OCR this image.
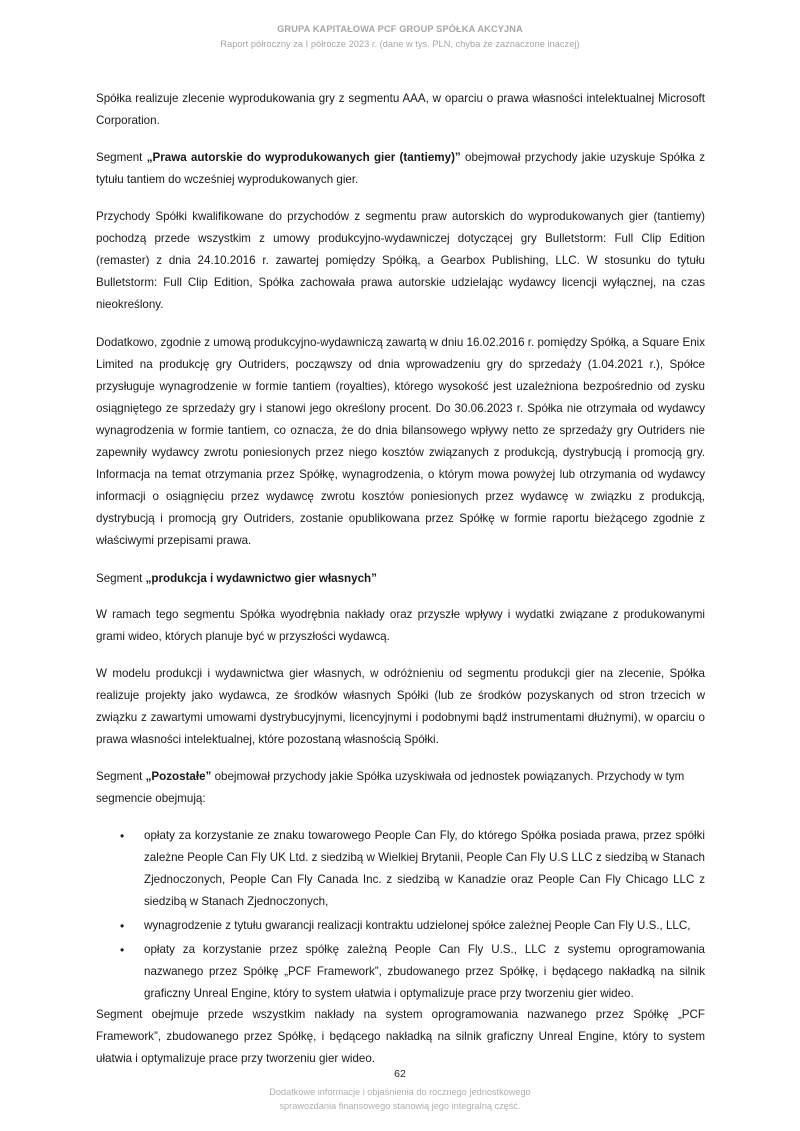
GRUPA KAPITAŁOWA PCF GROUP SPÓŁKA AKCYJNA
Raport półroczny za I półrocze 2023 r. (dane w tys. PLN, chyba że zaznaczone inaczej)

Spółka realizuje zlecenie wyprodukowania gry z segmentu AAA, w oparciu o prawa własności intelektualnej Microsoft Corporation.

Segment „Prawa autorskie do wyprodukowanych gier (tantiemy)” obejmował przychody jakie uzyskuje Spółka z tytułu tantiem do wcześniej wyprodukowanych gier.

Przychody Spółki kwalifikowane do przychodów z segmentu praw autorskich do wyprodukowanych gier (tantiemy) pochodzą przede wszystkim z umowy produkcyjno-wydawniczej dotyczącej gry Bulletstorm: Full Clip Edition (remaster) z dnia 24.10.2016 r. zawartej pomiędzy Spółką, a Gearbox Publishing, LLC. W stosunku do tytułu Bulletstorm: Full Clip Edition, Spółka zachowała prawa autorskie udzielając wydawcy licencji wyłącznej, na czas nieokreślony.

Dodatkowo, zgodnie z umową produkcyjno-wydawniczą zawartą w dniu 16.02.2016 r. pomiędzy Spółką, a Square Enix Limited na produkcję gry Outriders, począwszy od dnia wprowadzeniu gry do sprzedaży (1.04.2021 r.), Spółce przysługuje wynagrodzenie w formie tantiem (royalties), którego wysokość jest uzależniona bezpośrednio od zysku osiągniętego ze sprzedaży gry i stanowi jego określony procent. Do 30.06.2023 r. Spółka nie otrzymała od wydawcy wynagrodzenia w formie tantiem, co oznacza, że do dnia bilansowego wpływy netto ze sprzedaży gry Outriders nie zapewniły wydawcy zwrotu poniesionych przez niego kosztów związanych z produkcją, dystrybucją i promocją gry. Informacja na temat otrzymania przez Spółkę, wynagrodzenia, o którym mowa powyżej lub otrzymania od wydawcy informacji o osiągnięciu przez wydawcę zwrotu kosztów poniesionych przez wydawcę w związku z produkcją, dystrybucją i promocją gry Outriders, zostanie opublikowana przez Spółkę w formie raportu bieżącego zgodnie z właściwymi przepisami prawa.

Segment „produkcja i wydawnictwo gier własnych”

W ramach tego segmentu Spółka wyodrębnia nakłady oraz przyszłe wpływy i wydatki związane z produkowanymi grami wideo, których planuje być w przyszłości wydawcą.

W modelu produkcji i wydawnictwa gier własnych, w odróżnieniu od segmentu produkcji gier na zlecenie, Spółka realizuje projekty jako wydawca, ze środków własnych Spółki (lub ze środków pozyskanych od stron trzecich w związku z zawartymi umowami dystrybucyjnymi, licencyjnymi i podobnymi bądź instrumentami dłużnymi), w oparciu o prawa własności intelektualnej, które pozostaną własnością Spółki.

Segment „Pozostałe” obejmował przychody jakie Spółka uzyskiwała od jednostek powiązanych. Przychody w tym segmencie obejmują:

• opłaty za korzystanie ze znaku towarowego People Can Fly, do którego Spółka posiada prawa, przez spółki zależne People Can Fly UK Ltd. z siedzibą w Wielkiej Brytanii, People Can Fly U.S LLC z siedzibą w Stanach Zjednoczonych, People Can Fly Canada Inc. z siedzibą w Kanadzie oraz People Can Fly Chicago LLC z siedzibą w Stanach Zjednoczonych,
• wynagrodzenie z tytułu gwarancji realizacji kontraktu udzielonej spółce zależnej People Can Fly U.S., LLC,
• opłaty za korzystanie przez spółkę zależną People Can Fly U.S., LLC z systemu oprogramowania nazwanego przez Spółkę „PCF Framework”, zbudowanego przez Spółkę, i będącego nakładką na silnik graficzny Unreal Engine, który to system ułatwia i optymalizuje prace przy tworzeniu gier wideo.

Segment obejmuje przede wszystkim nakłady na system oprogramowania nazwanego przez Spółkę „PCF Framework”, zbudowanego przez Spółkę, i będącego nakładką na silnik graficzny Unreal Engine, który to system ułatwia i optymalizuje prace przy tworzeniu gier wideo.

62
Dodatkowe informacje i objaśnienia do rocznego jednostkowego
sprawozdania finansowego stanowią jego integralną część.
